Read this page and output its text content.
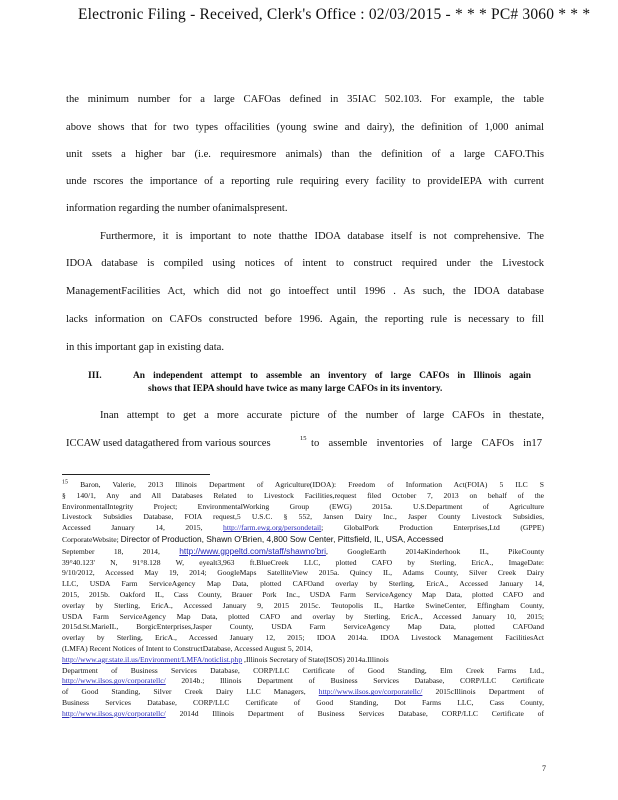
Electronic Filing - Received, Clerk's Office : 02/03/2015 - * * * PC# 3060 * * *
the minimum number for a large CAFOas defined in 35IAC 502.103. For example, the table
above shows that for two types offacilities (young swine and dairy), the definition of 1,000 animal
unit ssets a higher bar (i.e. requiresmore animals) than the definition of a large CAFO.This
unde rscores the importance of a reporting rule requiring every facility to provideIEPA with current
information regarding the number ofanimalspresent.
Furthermore, it is important to note thatthe IDOA database itself is not comprehensive. The
IDOA database is compiled using notices of intent to construct required under the Livestock
ManagementFacilities Act, which did not go intoeffect until 1996 . As such, the IDOA database
lacks information on CAFOs constructed before 1996. Again, the reporting rule is necessary to fill
in this important gap in existing data.
III.	An independent attempt to assemble an inventory of large CAFOs in Illinois again
shows that IEPA should have twice as many large CAFOs in its inventory.
Inan attempt to get a more accurate picture of the number of large CAFOs in thestate,
ICCAW used datagathered from various sources	15 to assemble inventories of large CAFOs in17
$^{15}$ Baron, Valerie, 2013 Illinois Department of Agriculture(IDOA): Freedom of Information Act(FOIA) 5 ILC S
§ 140/1, Any and All Databases Related to Livestock Facilities,request filed October 7, 2013 on behalf of the
EnvironmentalIntegrity Project; EnvironmentalWorking Group (EWG) 2015a. U.S.Department of Agriculture
Livestock Subsidies Database, FOIA request,5 U.S.C. § 552, Jansen Dairy Inc., Jasper County Livestock Subsidies,
Accessed January 14, 2015,	http://farm.ewg.org/persondetail; GlobalPork Production Enterprises,Ltd (GPPE)
CorporateWebsite; Director of Production, Shawn O'Brien, 4,800 Sow Center, Pittsfield, IL, USA, Accessed
September 18, 2014, http://www.gppeltd.com/staff/shawno'bri, GoogleEarth 2014aKinderhook IL, PikeCounty
39°40.123' N, 91°8.128 W, eyealt3,963 ft.BlueCreek LLC, plotted CAFO by Sterling, EricA., ImageDate:
9/10/2012, Accessed May 19, 2014; GoogleMaps SatelliteView 2015a. Quincy IL, Adams County, Silver Creek Dairy
LLC, USDA Farm ServiceAgency Map Data, plotted CAFOand overlay by Sterling, EricA., Accessed January 14,
2015, 2015b. Oakford IL, Cass County, Brauer Pork Inc., USDA Farm ServiceAgency Map Data, plotted CAFO and
overlay by Sterling, EricA., Accessed January 9, 2015 2015c. Teutopolis IL, Hartke SwineCenter, Effingham County,
USDA Farm ServiceAgency Map Data, plotted CAFO and overlay by Sterling, EricA., Accessed January 10, 2015;
2015d.St.MarieIL, BorgicEnterprises,Jasper County, USDA Farm ServiceAgency Map Data, plotted CAFOand
overlay by Sterling, EricA., Accessed January 12, 2015; IDOA 2014a. IDOA Livestock Management FacilitiesAct
(LMFA) Recent Notices of Intent to ConstructDatabase, Accessed August 5, 2014,
http://www.agr.state.il.us/Environment/LMFA/noticlist.php ,Illinois Secretary of State(ISOS) 2014a.Illinois
Department of Business Services Database, CORP/LLC Certificate of Good Standing, Elm Creek Farms Ltd.,
http://www.ilsos.gov/corporatellc/ 2014b.; Illinois Department of Business Services Database, CORP/LLC Certificate
of Good Standing, Silver Creek Dairy LLC Managers, http://www.ilsos.gov/corporatellc/ 2015cIllinois Department of
Business Services Database, CORP/LLC Certificate of Good Standing, Dot Farms LLC, Cass County,
http://www.ilsos.gov/corporatellc/ 2014d Illinois Department of Business Services Database, CORP/LLC Certificate of
7
